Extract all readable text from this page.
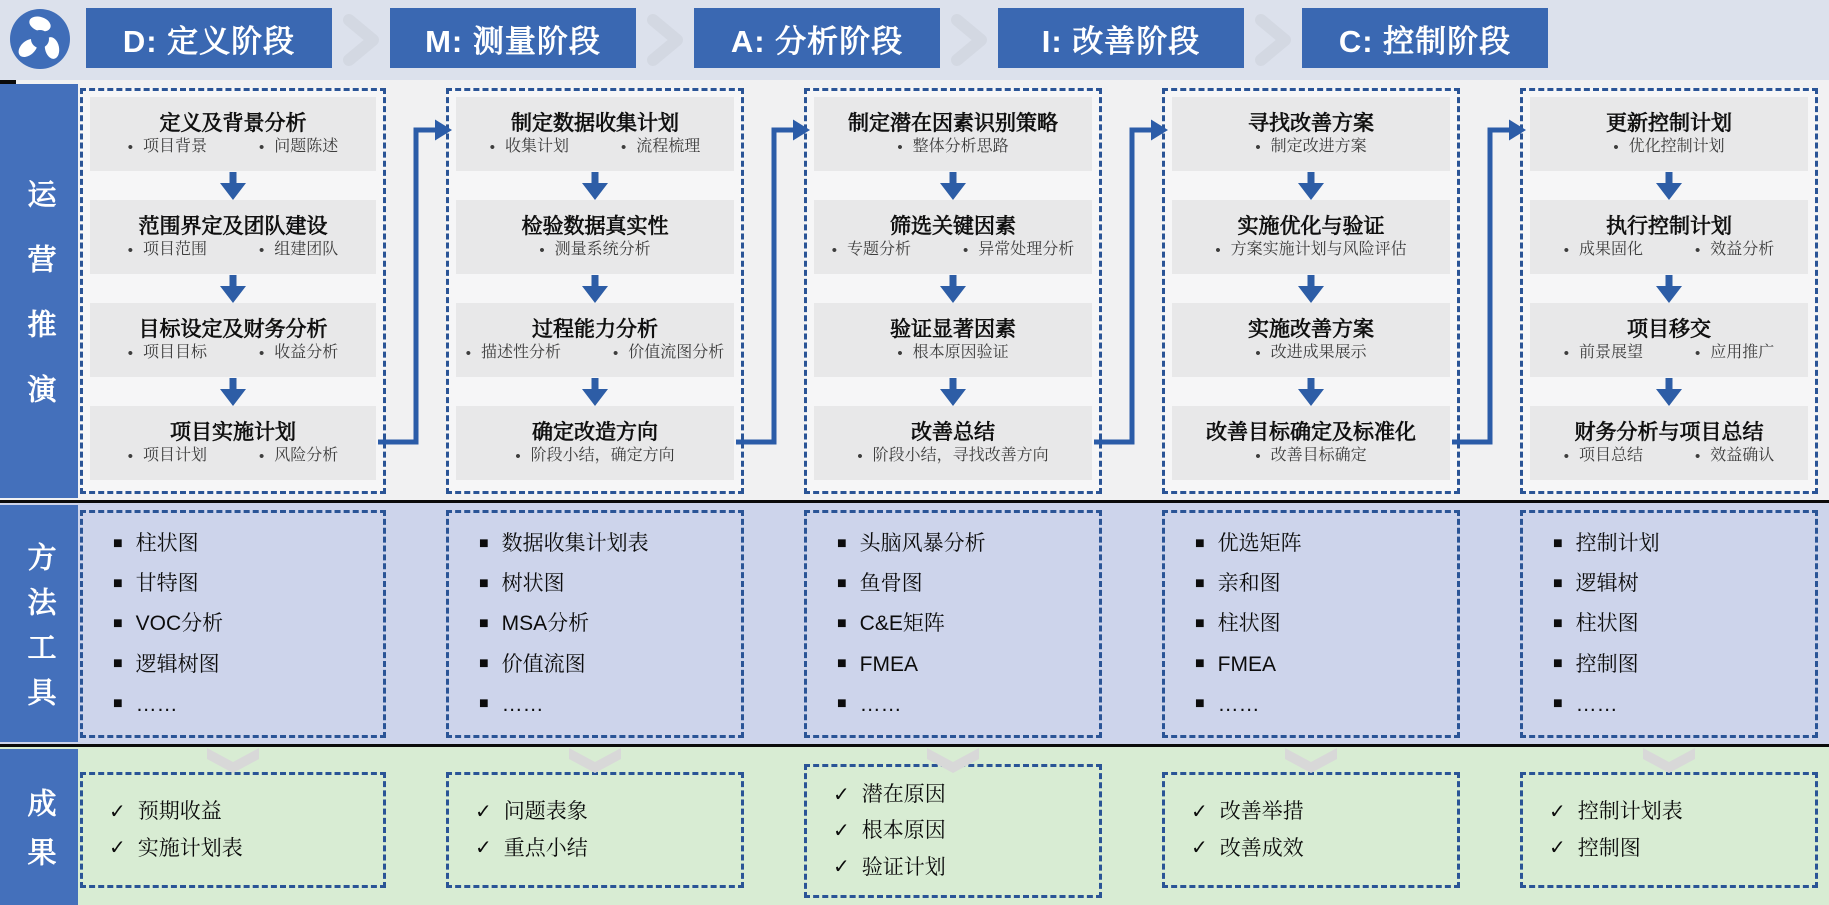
D: 定义阶段	M: 测量阶段	A: 分析阶段	I: 改善阶段	C: 控制阶段
运营推演
方法工具
成果
定义及背景分析
• 项目背景	• 问题陈述
范围界定及团队建设
• 项目范围	• 组建团队
目标设定及财务分析
• 项目目标	• 收益分析
项目实施计划
• 项目计划	• 风险分析
■ 柱状图
■ 甘特图
■ VOC分析
■ 逻辑树图
■ ……
✓ 预期收益
✓ 实施计划表
制定数据收集计划
• 收集计划	• 流程梳理
检验数据真实性
• 测量系统分析
过程能力分析
• 描述性分析	• 价值流图分析
确定改造方向
• 阶段小结，确定方向
■ 数据收集计划表
■ 树状图
■ MSA分析
■ 价值流图
■ ……
✓ 问题表象
✓ 重点小结
制定潜在因素识别策略
• 整体分析思路
筛选关键因素
• 专题分析	• 异常处理分析
验证显著因素
• 根本原因验证
改善总结
• 阶段小结，寻找改善方向
■ 头脑风暴分析
■ 鱼骨图
■ C&E矩阵
■ FMEA
■ ……
✓ 潜在原因
✓ 根本原因
✓ 验证计划
寻找改善方案
• 制定改进方案
实施优化与验证
• 方案实施计划与风险评估
实施改善方案
• 改进成果展示
改善目标确定及标准化
• 改善目标确定
■ 优选矩阵
■ 亲和图
■ 柱状图
■ FMEA
■ ……
✓ 改善举措
✓ 改善成效
更新控制计划
• 优化控制计划
执行控制计划
• 成果固化	• 效益分析
项目移交
• 前景展望	• 应用推广
财务分析与项目总结
• 项目总结	• 效益确认
■ 控制计划
■ 逻辑树
■ 柱状图
■ 控制图
■ ……
✓ 控制计划表
✓ 控制图
